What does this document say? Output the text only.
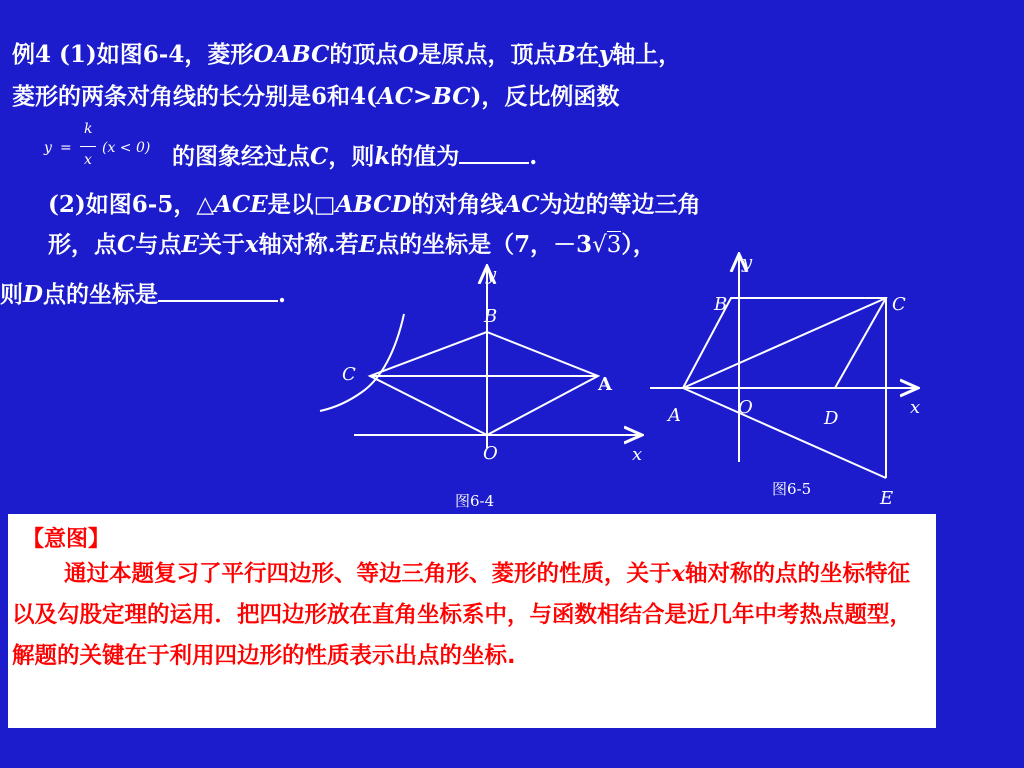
例4 (1)如图6-4，菱形OABC的顶点O是原点，顶点B在y轴上，
菱形的两条对角线的长分别是6和4(AC>BC)，反比例函数
y =
k
x
(x < 0) 的图象经过点C，则k的值为	.
(2)如图6-5，△ACE是以□ABCD的对角线AC为边的等边三角
形，点C与点E关于x轴对称.若E点的坐标是（7，－3√3），
则D点的坐标是	.
y
B
C	A
O	x
图6-4
y
B	C
A	O
D
x
E
图6-5
【意图】
通过本题复习了平行四边形、等边三角形、菱形的性质，关于x轴对称的点的坐标特征以及勾股定理的运用．把四边形放在直角坐标系中，与函数相结合是近几年中考热点题型，解题的关键在于利用四边形的性质表示出点的坐标.
